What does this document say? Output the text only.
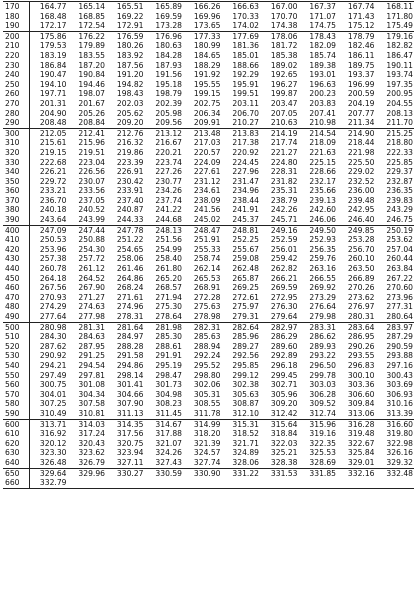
170	164.77	165.14	165.51	165.89	166.26	166.63	167.00	167.37	167.74	168.11
180	168.48	168.85	169.22	169.59	169.96	170.33	170.70	171.07	171.43	171.80
190	172.17	172.54	172.91	173.28	173.65	174.02	174.38	174.75	175.12	175.49
200	175.86	176.22	176.59	176.96	177.33	177.69	178.06	178.43	178.79	179.16
210	179.53	179.89	180.26	180.63	180.99	181.36	181.72	182.09	182.46	182.82
220	183.19	183.55	183.92	184.28	184.65	185.01	185.38	185.74	186.11	186.47
230	186.84	187.20	187.56	187.93	188.29	188.66	189.02	189.38	189.75	190.11
240	190.47	190.84	191.20	191.56	191.92	192.29	192.65	193.01	193.37	193.74
250	194.10	194.46	194.82	195.18	195.55	195.91	196.27	196.63	196.99	197.35
260	197.71	198.07	198.43	198.79	199.15	199.51	199.87	200.23	200.59	200.95
270	201.31	201.67	202.03	202.39	202.75	203.11	203.47	203.83	204.19	204.55
280	204.90	205.26	205.62	205.98	206.34	206.70	207.05	207.41	207.77	208.13
290	208.48	208.84	209.20	209.56	209.91	210.27	210.63	210.98	211.34	211.70
300	212.05	212.41	212.76	213.12	213.48	213.83	214.19	214.54	214.90	215.25
310	215.61	215.96	216.32	216.67	217.03	217.38	217.74	218.09	218.44	218.80
320	219.15	219.51	219.86	220.21	220.57	220.92	221.27	221.63	221.98	222.33
330	222.68	223.04	223.39	223.74	224.09	224.45	224.80	225.15	225.50	225.85
340	226.21	226.56	226.91	227.26	227.61	227.96	228.31	228.66	229.02	229.37
350	229.72	230.07	230.42	230.77	231.12	231.47	231.82	232.17	232.52	232.87
360	233.21	233.56	233.91	234.26	234.61	234.96	235.31	235.66	236.00	236.35
370	236.70	237.05	237.40	237.74	238.09	238.44	238.79	239.13	239.48	239.83
380	240.18	240.52	240.87	241.22	241.56	241.91	242.26	242.60	242.95	243.29
390	243.64	243.99	244.33	244.68	245.02	245.37	245.71	246.06	246.40	246.75
400	247.09	247.44	247.78	248.13	248.47	248.81	249.16	249.50	249.85	250.19
410	250.53	250.88	251.22	251.56	251.91	252.25	252.59	252.93	253.28	253.62
420	253.96	254.30	254.65	254.99	255.33	255.67	256.01	256.35	256.70	257.04
430	257.38	257.72	258.06	258.40	258.74	259.08	259.42	259.76	260.10	260.44
440	260.78	261.12	261.46	261.80	262.14	262.48	262.82	263.16	263.50	263.84
450	264.18	264.52	264.86	265.20	265.53	265.87	266.21	266.55	266.89	267.22
460	267.56	267.90	268.24	268.57	268.91	269.25	269.59	269.92	270.26	270.60
470	270.93	271.27	271.61	271.94	272.28	272.61	272.95	273.29	273.62	273.96
480	274.29	274.63	274.96	275.30	275.63	275.97	276.30	276.64	276.97	277.31
490	277.64	277.98	278.31	278.64	278.98	279.31	279.64	279.98	280.31	280.64
500	280.98	281.31	281.64	281.98	282.31	282.64	282.97	283.31	283.64	283.97
510	284.30	284.63	284.97	285.30	285.63	285.96	286.29	286.62	286.95	287.29
520	287.62	287.95	288.28	288.61	288.94	289.27	289.60	289.93	290.26	290.59
530	290.92	291.25	291.58	291.91	292.24	292.56	292.89	293.22	293.55	293.88
540	294.21	294.54	294.86	295.19	295.52	295.85	296.18	296.50	296.83	297.16
550	297.49	297.81	298.14	298.47	298.80	299.12	299.45	299.78	300.10	300.43
560	300.75	301.08	301.41	301.73	302.06	302.38	302.71	303.03	303.36	303.69
570	304.01	304.34	304.66	304.98	305.31	305.63	305.96	306.28	306.60	306.93
580	307.25	307.58	307.90	308.23	308.55	308.87	309.20	309.52	309.84	310.16
590	310.49	310.81	311.13	311.45	311.78	312.10	312.42	312.74	313.06	313.39
600	313.71	314.03	314.35	314.67	314.99	315.31	315.64	315.96	316.28	316.60
610	316.92	317.24	317.56	317.88	318.20	318.52	318.84	319.16	319.48	319.80
620	320.12	320.43	320.75	321.07	321.39	321.71	322.03	322.35	322.67	322.98
630	323.30	323.62	323.94	324.26	324.57	324.89	325.21	325.53	325.84	326.16
640	326.48	326.79	327.11	327.43	327.74	328.06	328.38	328.69	329.01	329.32
650	329.64	329.96	330.27	330.59	330.90	331.22	331.53	331.85	332.16	332.48
660	332.79									
